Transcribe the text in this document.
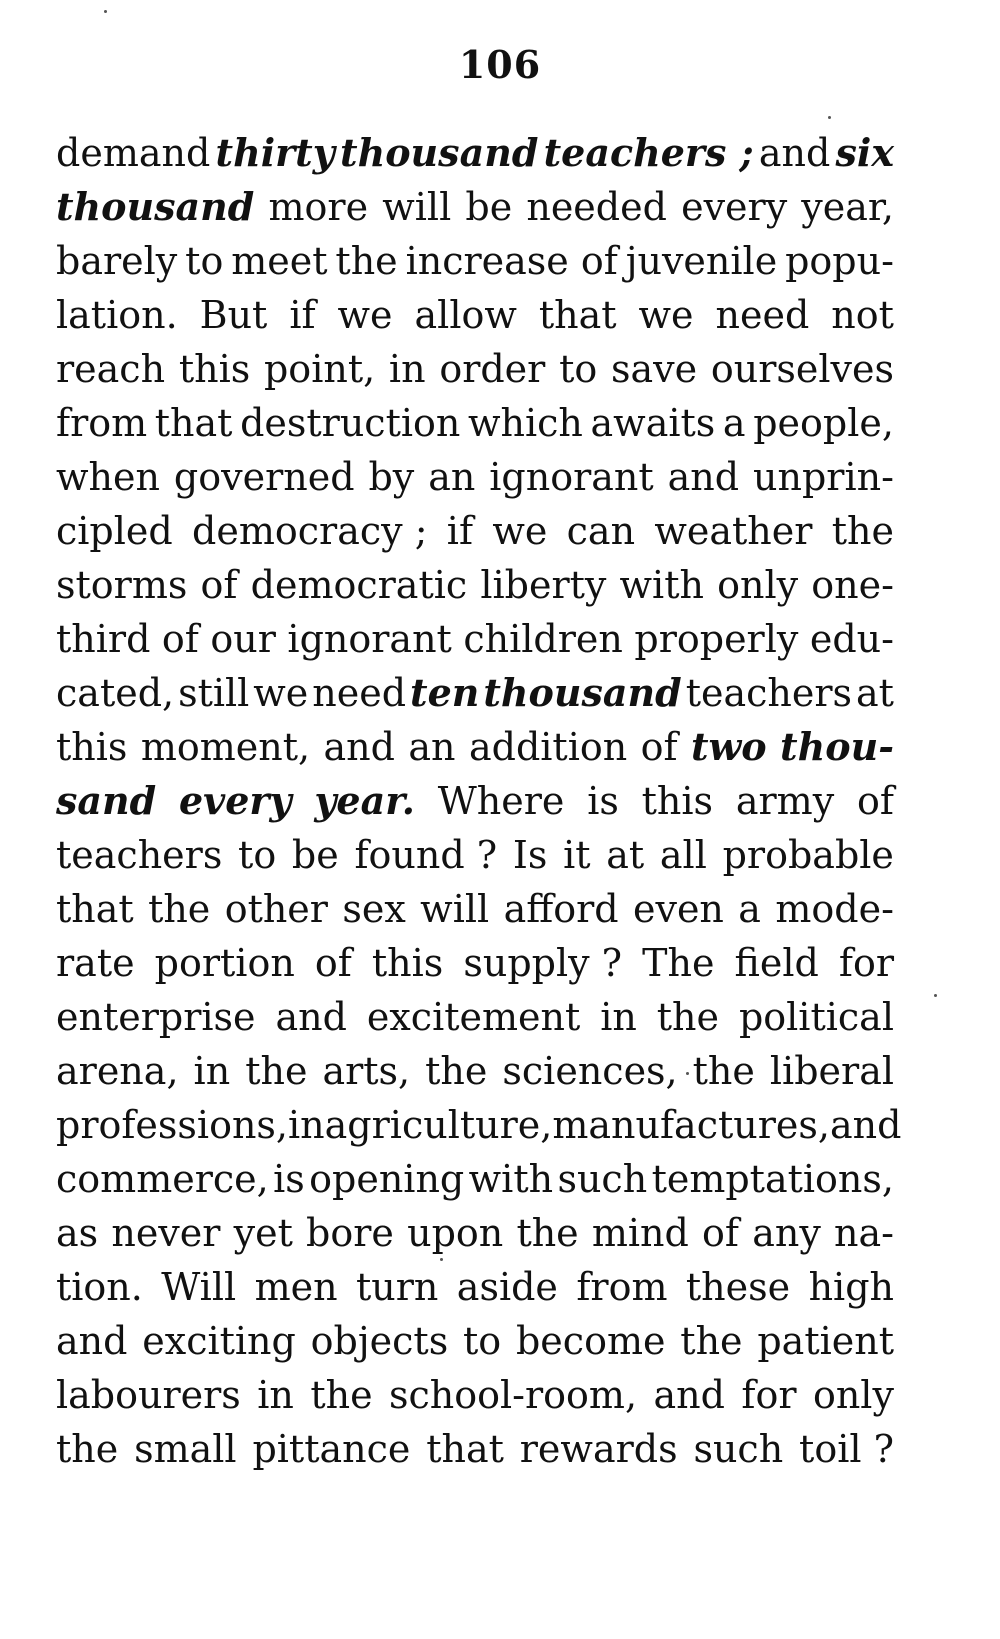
106
demand thirty thousand teachers ; and six
thousand more will be needed every year,
barely to meet the increase of juvenile popu-
lation. But if we allow that we need not
reach this point, in order to save ourselves
from that destruction which awaits a people,
when governed by an ignorant and unprin-
cipled democracy ; if we can weather the
storms of democratic liberty with only one-
third of our ignorant children properly edu-
cated, still we need ten thousand teachers at
this moment, and an addition of two thou-
sand every year. Where is this army of
teachers to be found ? Is it at all probable
that the other sex will afford even a mode-
rate portion of this supply ? The field for
enterprise and excitement in the political
arena, in the arts, the sciences, the liberal
professions, in agriculture, manufactures, and
commerce, is opening with such temptations,
as never yet bore upon the mind of any na-
tion. Will men turn aside from these high
and exciting objects to become the patient
labourers in the school-room, and for only
the small pittance that rewards such toil ?
